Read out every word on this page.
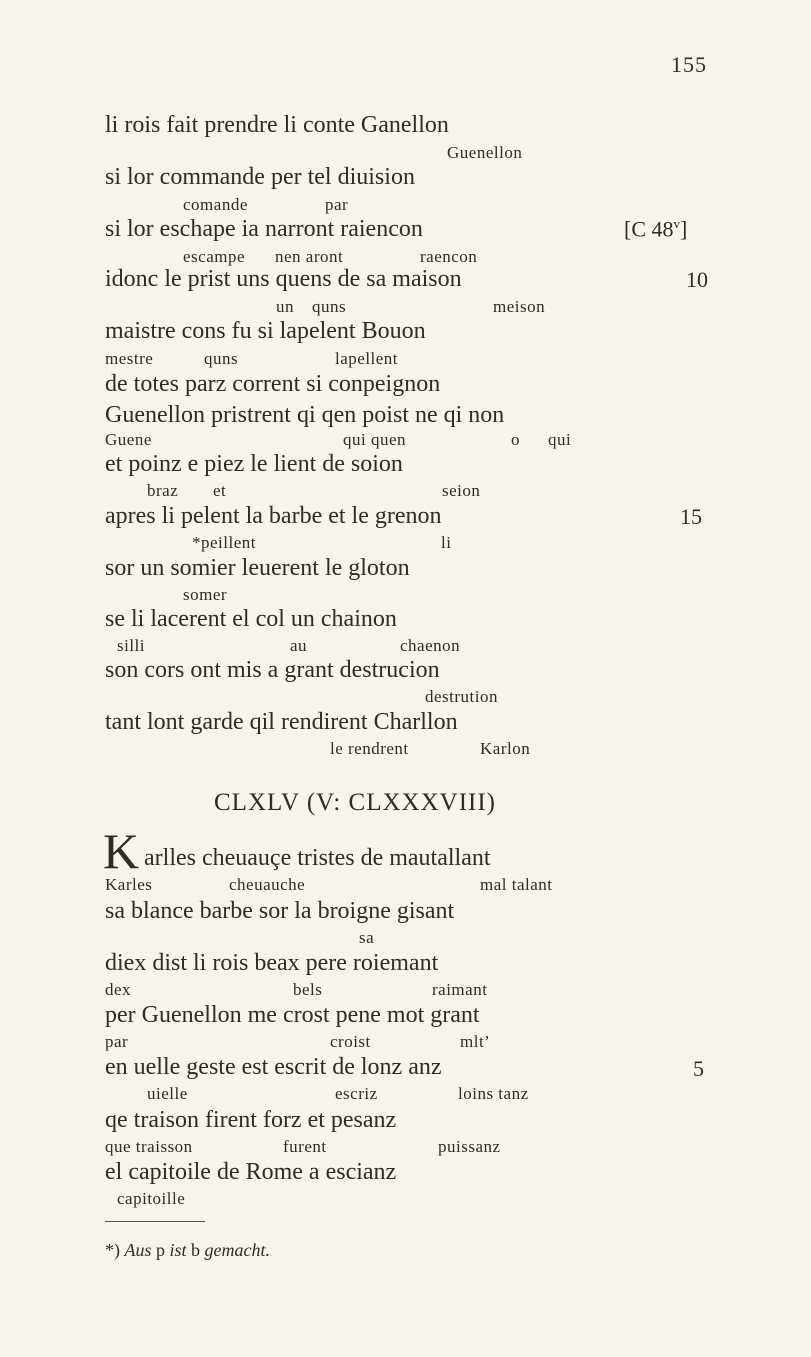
155
li rois fait prendre li conte Ganellon
Guenellon
si lor commande per tel diuision
comande	par
si lor eschape ia narront raiencon
escampe nen aront	raencon
idonc le prist uns quens de sa maison
un quns	meison
maistre cons fu si lapelent Bouon
mestre	quns	lapellent
de totes parz corrent si conpeignon
Guenellon pristrent qi qen poist ne qi non
Guene	qui quen	o qui
et poinz e piez le lient de soion
braz et	seion
apres li pelent la barbe et le grenon
*peillent	li
sor un somier leuerent le gloton
somer
se li lacerent el col un chainon
silli	au	chaenon
son cors ont mis a grant destrucion
destrution
tant lont garde qil rendirent Charllon
le rendrent	Karlon
[C 48$^v$]
10
15
5
CLXLV (V: CLXXXVIII)
K arlles cheuauçe tristes de mautallant
Karles	cheuauche	mal talant
sa blance barbe sor la broigne gisant
sa
diex dist li rois beax pere roiemant
dex	bels	raimant
per Guenellon me crost pene mot grant
par	croist	mlt’
en uelle geste est escrit de lonz anz
uielle	escriz	loins tanz
qe traison firent forz et pesanz
que traisson	furent	puissanz
el capitoile de Rome a escianz
capitoille
*) Aus p ist b gemacht.
